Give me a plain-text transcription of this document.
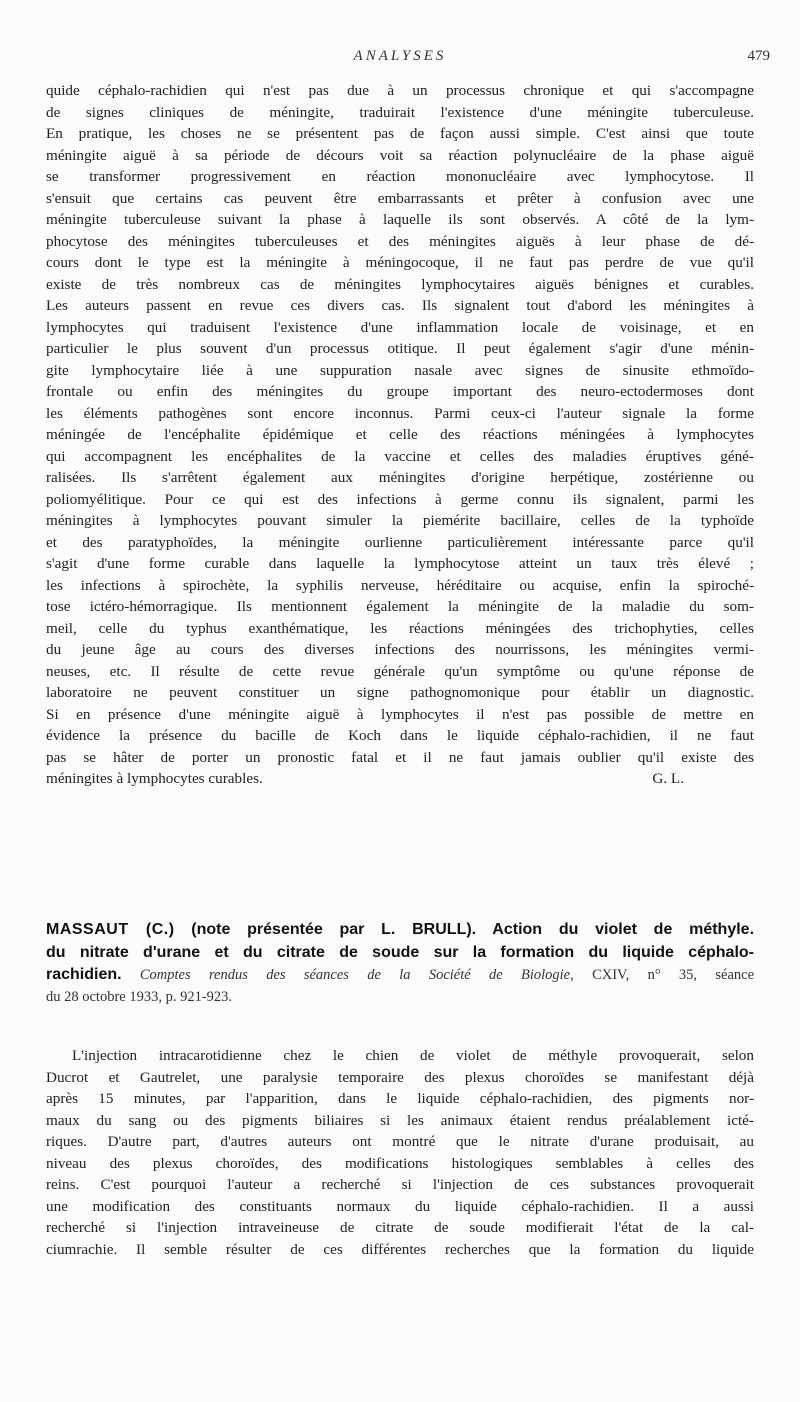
ANALYSES	479
quide céphalo-rachidien qui n'est pas due à un processus chronique et qui s'accompagne
de signes cliniques de méningite, traduirait l'existence d'une méningite tuberculeuse.
En pratique, les choses ne se présentent pas de façon aussi simple. C'est ainsi que toute
méningite aiguë à sa période de décours voit sa réaction polynucléaire de la phase aiguë
se transformer progressivement en réaction mononucléaire avec lymphocytose. Il
s'ensuit que certains cas peuvent être embarrassants et prêter à confusion avec une
méningite tuberculeuse suivant la phase à laquelle ils sont observés. A côté de la lym-
phocytose des méningites tuberculeuses et des méningites aiguës à leur phase de dé-
cours dont le type est la méningite à méningocoque, il ne faut pas perdre de vue qu'il
existe de très nombreux cas de méningites lymphocytaires aiguës bénignes et curables.
Les auteurs passent en revue ces divers cas. Ils signalent tout d'abord les méningites à
lymphocytes qui traduisent l'existence d'une inflammation locale de voisinage, et en
particulier le plus souvent d'un processus otitique. Il peut également s'agir d'une ménin-
gite lymphocytaire liée à une suppuration nasale avec signes de sinusite ethmoïdo-
frontale ou enfin des méningites du groupe important des neuro-ectodermoses dont
les éléments pathogènes sont encore inconnus. Parmi ceux-ci l'auteur signale la forme
méningée de l'encéphalite épidémique et celle des réactions méningées à lymphocytes
qui accompagnent les encéphalites de la vaccine et celles des maladies éruptives géné-
ralisées. Ils s'arrêtent également aux méningites d'origine herpétique, zostérienne ou
poliomyélitique. Pour ce qui est des infections à germe connu ils signalent, parmi les
méningites à lymphocytes pouvant simuler la piemérite bacillaire, celles de la typhoïde
et des paratyphoïdes, la méningite ourlienne particulièrement intéressante parce qu'il
s'agit d'une forme curable dans laquelle la lymphocytose atteint un taux très élevé ;
les infections à spirochète, la syphilis nerveuse, héréditaire ou acquise, enfin la spiroché-
tose ictéro-hémorragique. Ils mentionnent également la méningite de la maladie du som-
meil, celle du typhus exanthématique, les réactions méningées des trichophyties, celles
du jeune âge au cours des diverses infections des nourrissons, les méningites vermi-
neuses, etc. Il résulte de cette revue générale qu'un symptôme ou qu'une réponse de
laboratoire ne peuvent constituer un signe pathognomonique pour établir un diagnostic.
Si en présence d'une méningite aiguë à lymphocytes il n'est pas possible de mettre en
évidence la présence du bacille de Koch dans le liquide céphalo-rachidien, il ne faut
pas se hâter de porter un pronostic fatal et il ne faut jamais oublier qu'il existe des
méningites à lymphocytes curables.	G. L.
MASSAUT (C.) (note présentée par L. BRULL). Action du violet de méthyle.
du nitrate d'urane et du citrate de soude sur la formation du liquide céphalo-
rachidien. Comptes rendus des séances de la Société de Biologie, CXIV, n° 35, séance
du 28 octobre 1933, p. 921-923.
L'injection intracarotidienne chez le chien de violet de méthyle provoquerait, selon
Ducrot et Gautrelet, une paralysie temporaire des plexus choroïdes se manifestant déjà
après 15 minutes, par l'apparition, dans le liquide céphalo-rachidien, des pigments nor-
maux du sang ou des pigments biliaires si les animaux étaient rendus préalablement icté-
riques. D'autre part, d'autres auteurs ont montré que le nitrate d'urane produisait, au
niveau des plexus choroïdes, des modifications histologiques semblables à celles des
reins. C'est pourquoi l'auteur a recherché si l'injection de ces substances provoquerait
une modification des constituants normaux du liquide céphalo-rachidien. Il a aussi
recherché si l'injection intraveineuse de citrate de soude modifierait l'état de la cal-
ciumrachie. Il semble résulter de ces différentes recherches que la formation du liquide
